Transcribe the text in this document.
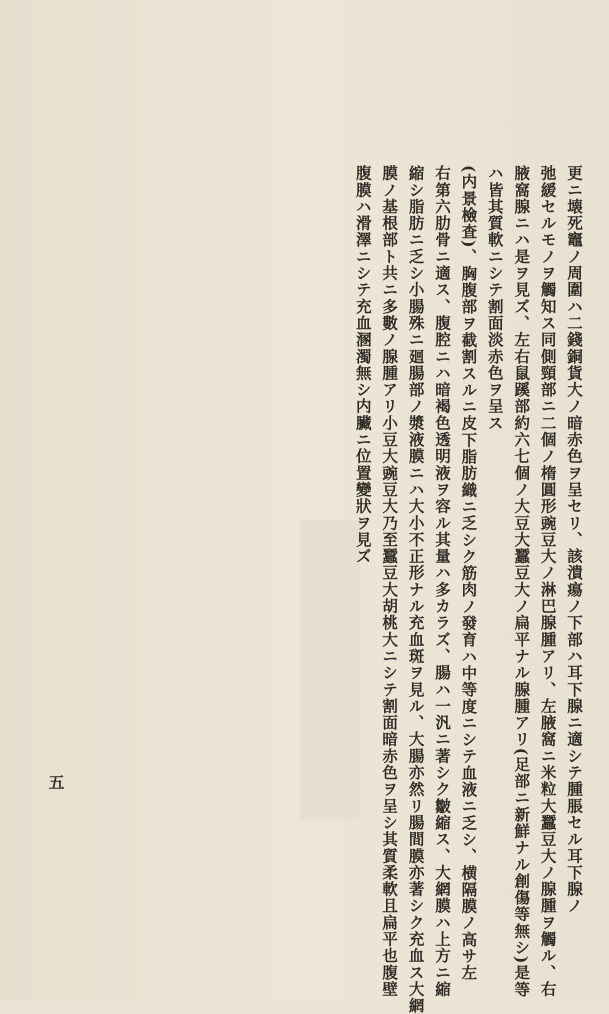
更ニ壊死竈ノ周圍ハ二錢銅貨大ノ暗赤色ヲ呈セリ、該潰瘍ノ下部ハ耳下腺ニ適シテ腫脹セル耳下腺ノ
弛緩セルモノヲ觸知ス同側頸部ニ二個ノ楕圓形豌豆大ノ淋巴腺腫アリ、左腋窩ニ米粒大蠶豆大ノ腺腫ヲ觸ル、右
腋窩腺ニハ是ヲ見ズ、左右鼠蹊部約六七個ノ大豆大蠶豆大ノ扁平ナル腺腫アリ(足部ニ新鮮ナル創傷等無シ)是等
ハ皆其質軟ニシテ割面淡赤色ヲ呈ス
(内景檢査)、胸腹部ヲ截割スルニ皮下脂肪織ニ乏シク筋肉ノ發育ハ中等度ニシテ血液ニ乏シ、横隔膜ノ高サ左
右第六肋骨ニ適ス、腹腔ニハ暗褐色透明液ヲ容ル其量ハ多カラズ、腸ハ一汎ニ著シク皺縮ス、大網膜ハ上方ニ縮
縮シ脂肪ニ乏シ小腸殊ニ廻腸部ノ漿液膜ニハ大小不正形ナル充血斑ヲ見ル、大腸亦然リ腸間膜亦著シク充血ス大網
膜ノ基根部ト共ニ多數ノ腺腫アリ小豆大豌豆大乃至蠶豆大胡桃大ニシテ割面暗赤色ヲ呈シ其質柔軟且扁平也腹壁
腹膜ハ滑澤ニシテ充血溷濁無シ内臟ニ位置變狀ヲ見ズ
五
